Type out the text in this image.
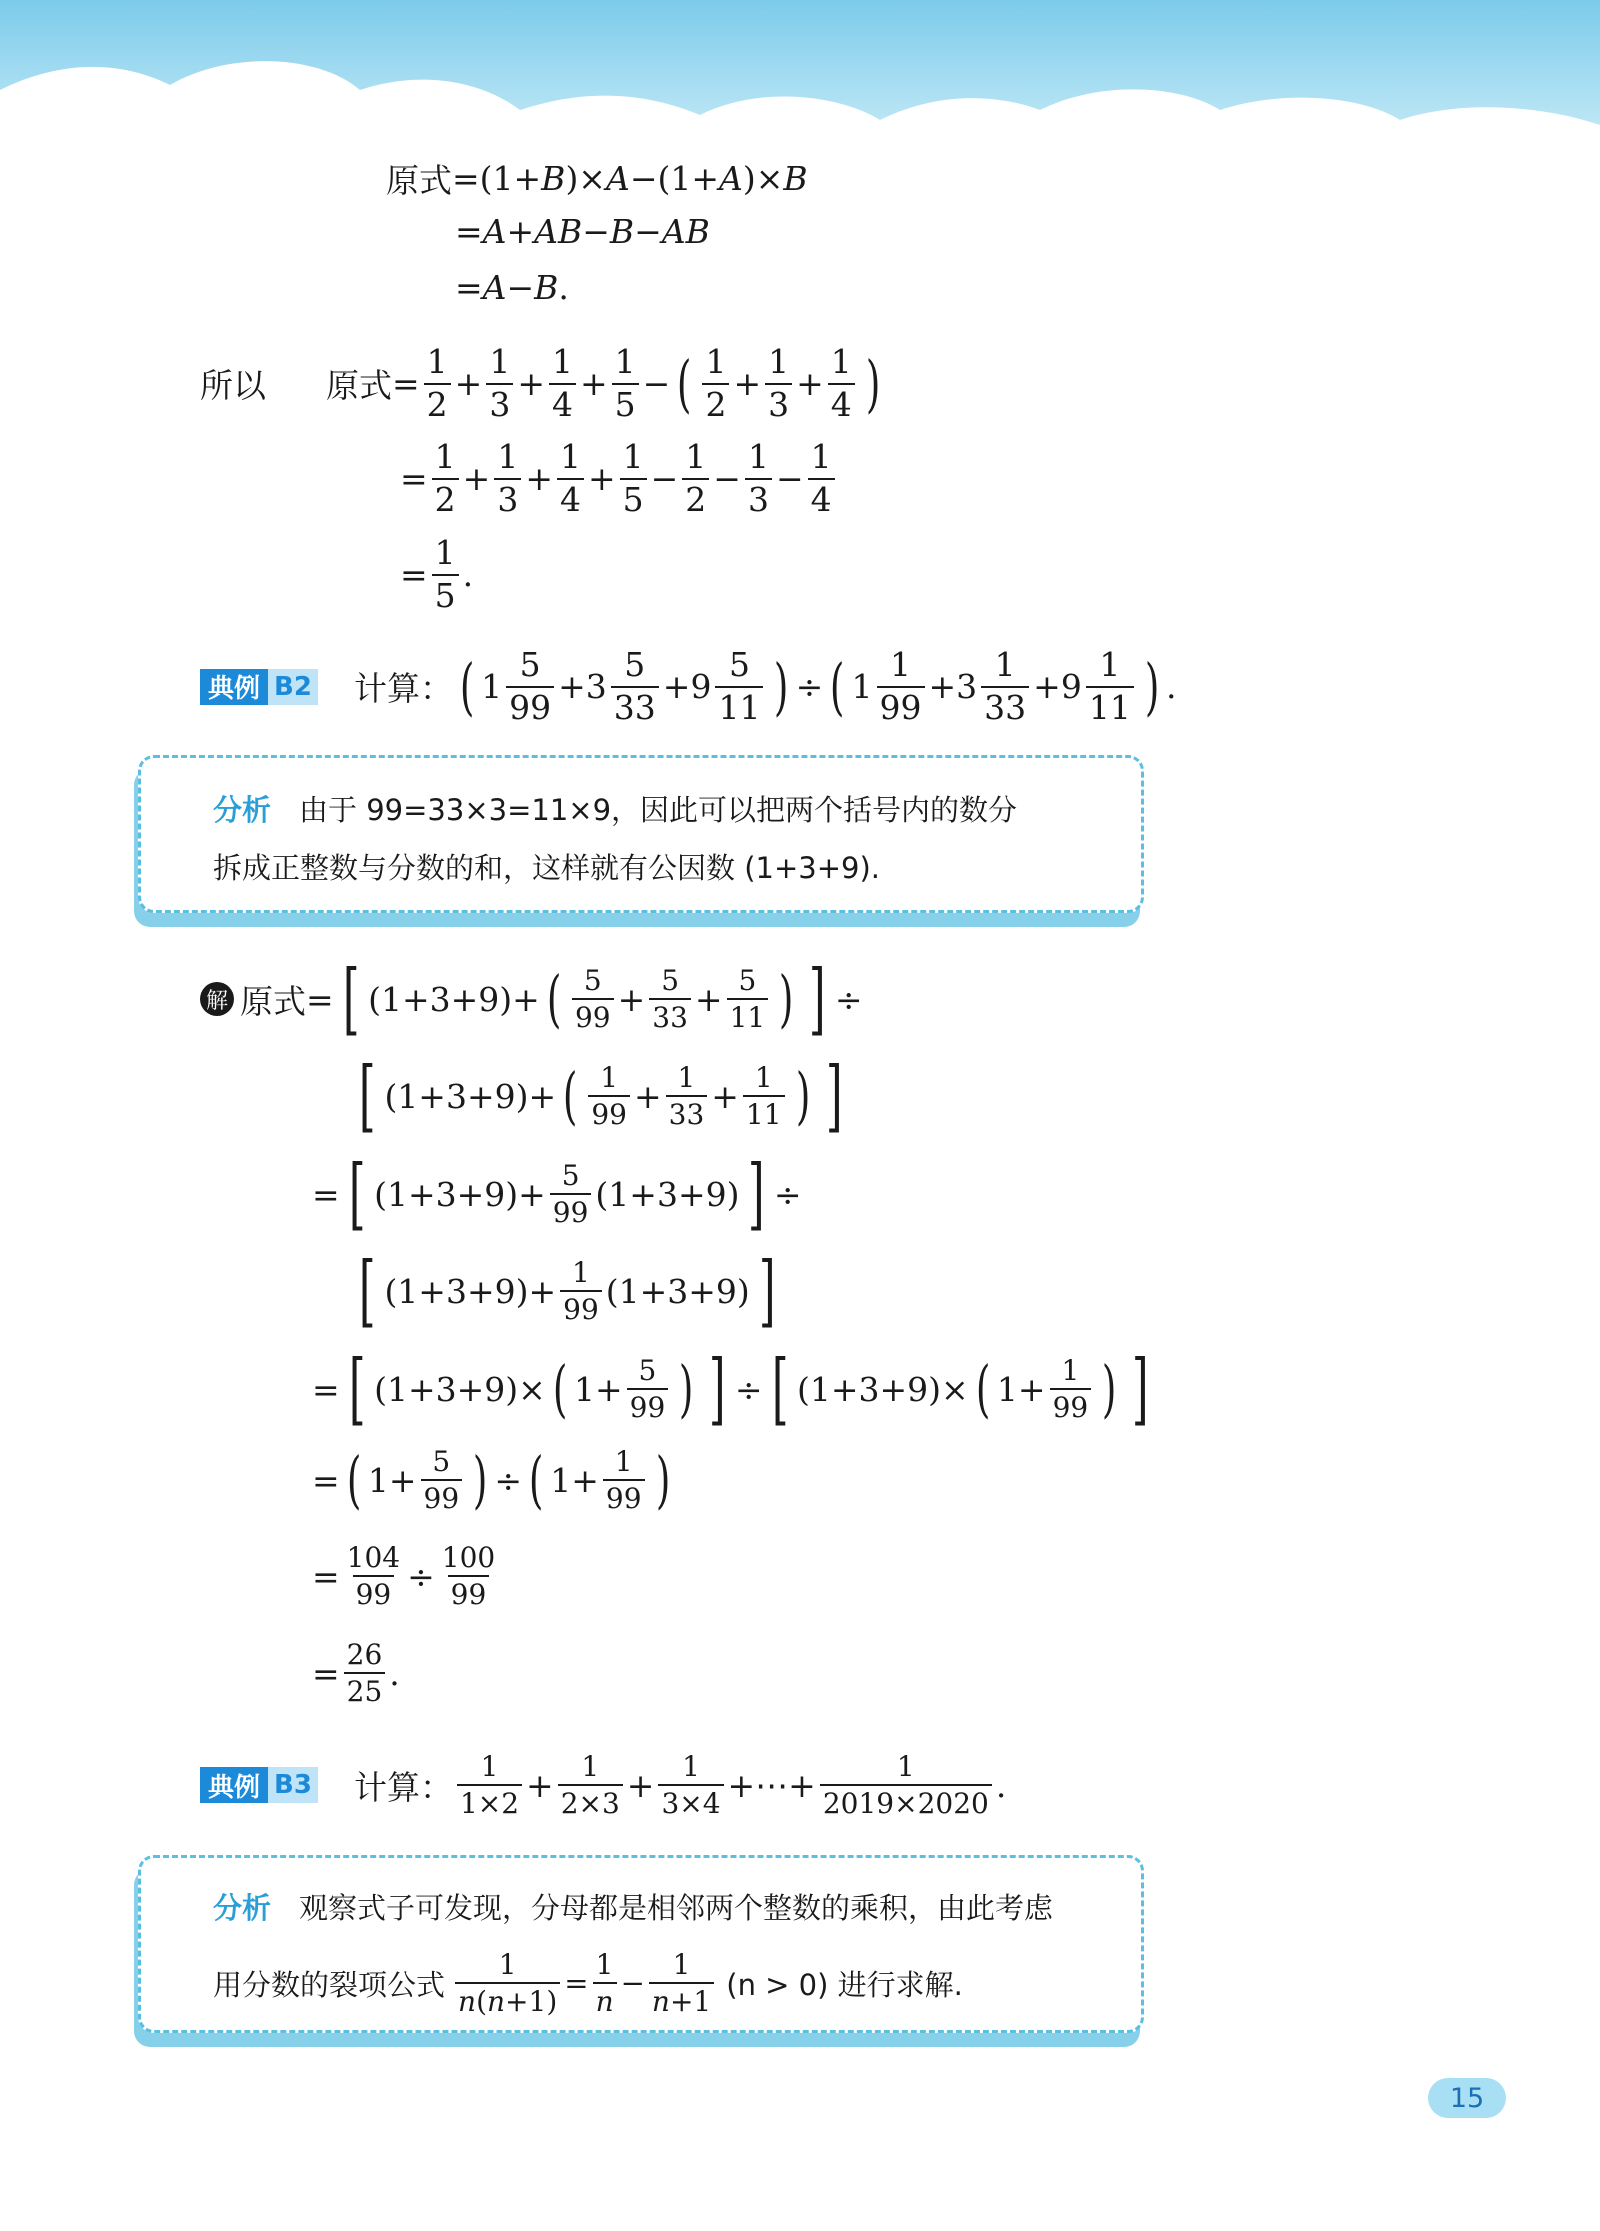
原式 =(1+B)×A−(1+A)×B
=A+AB−B−AB
=A−B.
所以 原式 = $\frac{1}{2} + \frac{1}{3} + \frac{1}{4} + \frac{1}{5}$ − ( $\frac{1}{2} + \frac{1}{3} + \frac{1}{4}$ )
= $\frac{1}{2} + \frac{1}{3} + \frac{1}{4} + \frac{1}{5} - \frac{1}{2} - \frac{1}{3} - \frac{1}{4}$
= $\frac{1}{5}$ .
典例 B2 计算： ( $1 \frac{5}{99} +3 \frac{5}{33} +9 \frac{5}{11}$ ) ÷ ( $1 \frac{1}{99} +3 \frac{1}{33} +9 \frac{1}{11}$ ) .
分析 由于 99=33×3=11×9，因此可以把两个括号内的数分
拆成正整数与分数的和，这样就有公因数 (1+3+9).
解 原式 = [ (1+3+9)+ ( $\frac{5}{99} + \frac{5}{33} + \frac{5}{11}$ ) ] ÷
[ (1+3+9)+ ( $\frac{1}{99} + \frac{1}{33} + \frac{1}{11}$ ) ]
= [ $(1+3+9)+ \frac{5}{99} (1+3+9)$ ] ÷
[ $(1+3+9)+ \frac{1}{99} (1+3+9)$ ]
= [ (1+3+9)× ( $1+ \frac{5}{99}$ ) ] ÷ [ (1+3+9)× ( $1+ \frac{1}{99}$ ) ]
= ( $1+ \frac{5}{99}$ ) ÷ ( $1+ \frac{1}{99}$ )
= $\frac{104}{99} \div \frac{100}{99}$
= $\frac{26}{25}$ .
典例 B3 计算： $\frac{1}{1\times 2} + \frac{1}{2\times 3} + \frac{1}{3\times 4}$ +⋯+ $\frac{1}{2019\times 2020}$ .
分析 观察式子可发现，分母都是相邻两个整数的乘积，由此考虑
用分数的裂项公式 $\frac{1}{n(n+1)} = \frac{1}{n} - \frac{1}{n+1} (n > 0)$ 进行求解.
15
